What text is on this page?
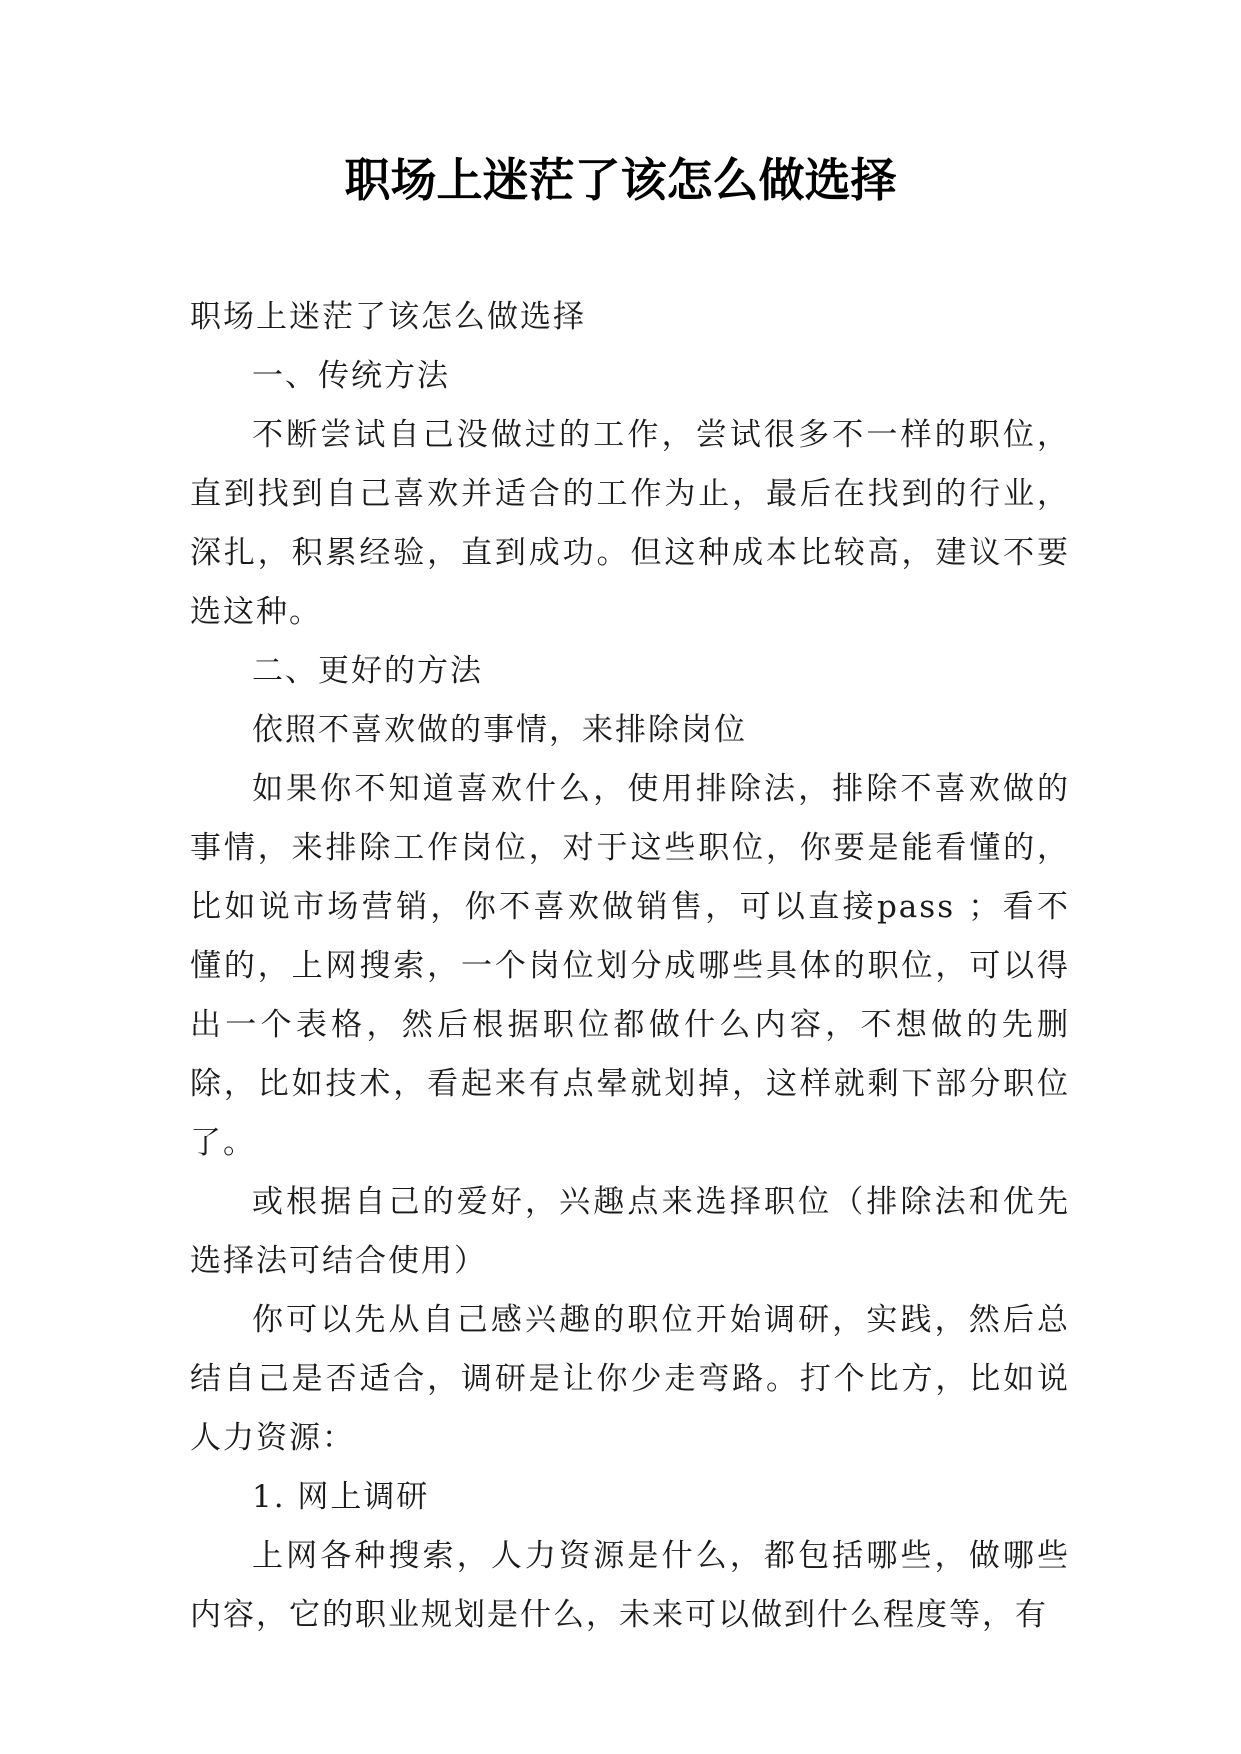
职场上迷茫了该怎么做选择

职场上迷茫了该怎么做选择

一、传统方法

不断尝试自己没做过的工作，尝试很多不一样的职位，直到找到自己喜欢并适合的工作为止，最后在找到的行业，深扎，积累经验，直到成功。但这种成本比较高，建议不要选这种。

二、更好的方法

依照不喜欢做的事情，来排除岗位

如果你不知道喜欢什么，使用排除法，排除不喜欢做的事情，来排除工作岗位，对于这些职位，你要是能看懂的，比如说市场营销，你不喜欢做销售，可以直接pass ；看不懂的，上网搜索，一个岗位划分成哪些具体的职位，可以得出一个表格，然后根据职位都做什么内容，不想做的先删除，比如技术，看起来有点晕就划掉，这样就剩下部分职位了。

或根据自己的爱好，兴趣点来选择职位（排除法和优先选择法可结合使用）

你可以先从自己感兴趣的职位开始调研，实践，然后总结自己是否适合，调研是让你少走弯路。打个比方，比如说人力资源：

1. 网上调研

上网各种搜索，人力资源是什么，都包括哪些，做哪些内容，它的职业规划是什么，未来可以做到什么程度等，有
